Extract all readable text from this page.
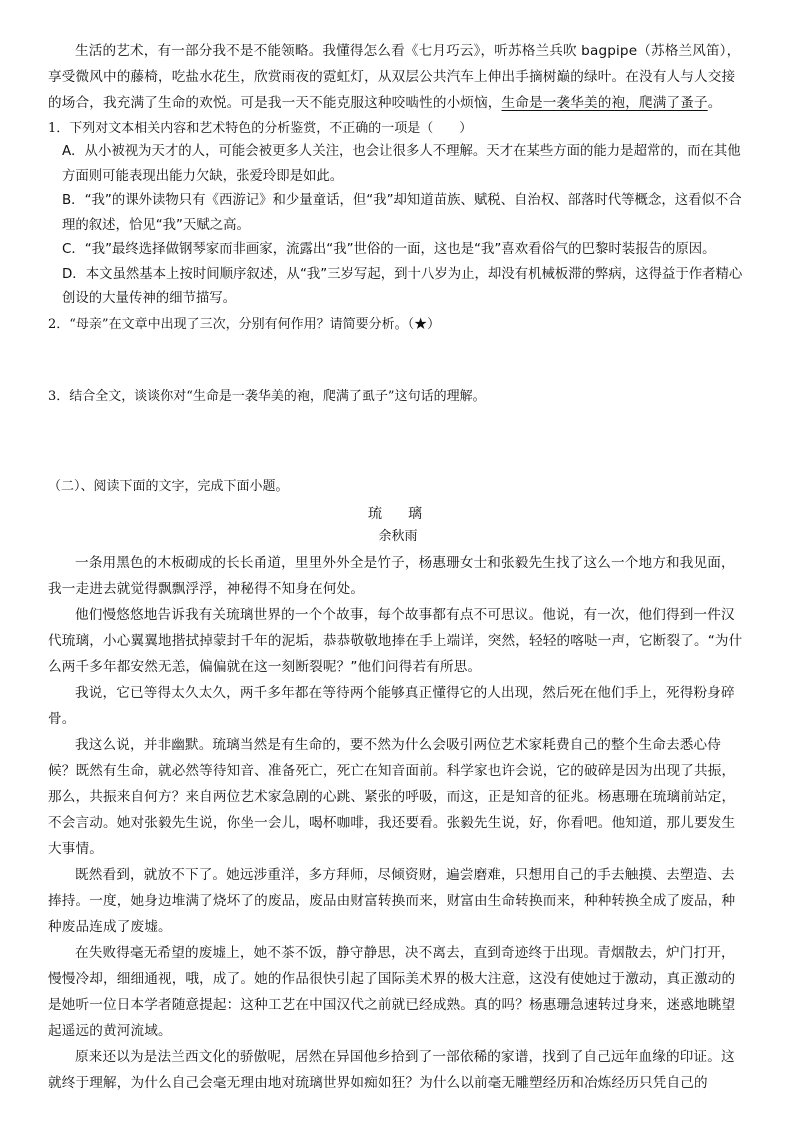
生活的艺术，有一部分我不是不能领略。我懂得怎么看《七月巧云》，听苏格兰兵吹 bagpipe（苏格兰风笛），享受微风中的藤椅，吃盐水花生，欣赏雨夜的霓虹灯，从双层公共汽车上伸出手摘树巅的绿叶。在没有人与人交接的场合，我充满了生命的欢悦。可是我一天不能克服这种咬啮性的小烦恼，生命是一袭华美的袍，爬满了蚤子。

1．下列对文本相关内容和艺术特色的分析鉴赏，不正确的一项是（　　）
A．从小被视为天才的人，可能会被更多人关注，也会让很多人不理解。天才在某些方面的能力是超常的，而在其他方面则可能表现出能力欠缺，张爱玲即是如此。
B．“我”的课外读物只有《西游记》和少量童话，但“我”却知道苗族、赋税、自治权、部落时代等概念，这看似不合理的叙述，恰见“我”天赋之高。
C．“我”最终选择做钢琴家而非画家，流露出“我”世俗的一面，这也是“我”喜欢看俗气的巴黎时装报告的原因。
D．本文虽然基本上按时间顺序叙述，从“我”三岁写起，到十八岁为止，却没有机械板滞的弊病，这得益于作者精心创设的大量传神的细节描写。
2．“母亲”在文章中出现了三次，分别有何作用？请简要分析。（★）
3．结合全文，谈谈你对“生命是一袭华美的袍，爬满了虱子”这句话的理解。
（二）、阅读下面的文字，完成下面小题。
琉　璃
余秋雨

一条用黑色的木板砌成的长长甬道，里里外外全是竹子，杨惠珊女士和张毅先生找了这么一个地方和我见面，我一走进去就觉得飘飘浮浮，神秘得不知身在何处。

他们慢悠悠地告诉我有关琉璃世界的一个个故事，每个故事都有点不可思议。他说，有一次，他们得到一件汉代琉璃，小心翼翼地揩拭掉蒙封千年的泥垢，恭恭敬敬地捧在手上端详，突然，轻轻的喀哒一声，它断裂了。“为什么两千多年都安然无恙，偏偏就在这一刻断裂呢？”他们问得若有所思。

我说，它已等得太久太久，两千多年都在等待两个能够真正懂得它的人出现，然后死在他们手上，死得粉身碎骨。

我这么说，并非幽默。琉璃当然是有生命的，要不然为什么会吸引两位艺术家耗费自己的整个生命去悉心侍候？既然有生命，就必然等待知音、准备死亡，死亡在知音面前。科学家也许会说，它的破碎是因为出现了共振，那么，共振来自何方？来自两位艺术家急剧的心跳、紧张的呼吸，而这，正是知音的征兆。杨惠珊在琉璃前站定，不会言动。她对张毅先生说，你坐一会儿，喝杯咖啡，我还要看。张毅先生说，好，你看吧。他知道，那儿要发生大事情。

既然看到，就放不下了。她远涉重洋，多方拜师，尽倾资财，遍尝磨难，只想用自己的手去触摸、去塑造、去捧持。一度，她身边堆满了烧坏了的废品，废品由财富转换而来，财富由生命转换而来，种种转换全成了废品，种种废品连成了废墟。

在失败得毫无希望的废墟上，她不茶不饭，静守静思，决不离去，直到奇迹终于出现。青烟散去，炉门打开，慢慢冷却，细细通视，哦，成了。她的作品很快引起了国际美术界的极大注意，这没有使她过于激动，真正激动的是她听一位日本学者随意提起：这种工艺在中国汉代之前就已经成熟。真的吗？杨惠珊急速转过身来，迷惑地眺望起遥远的黄河流域。

原来还以为是法兰西文化的骄傲呢，居然在异国他乡拾到了一部依稀的家谱，找到了自己远年血缘的印证。这就终于理解，为什么自己会毫无理由地对琉璃世界如痴如狂？为什么以前毫无雕塑经历和冶炼经历只凭自己的
